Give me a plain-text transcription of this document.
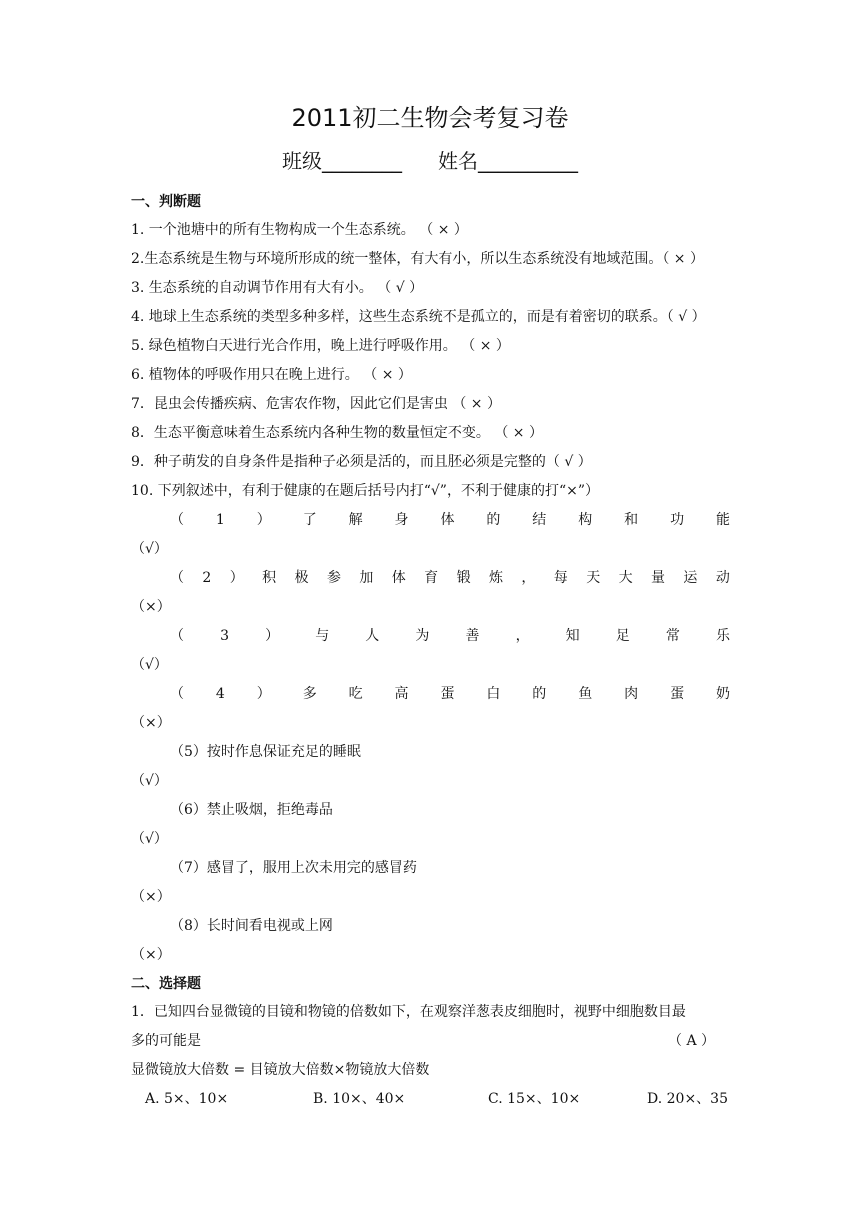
2011初二生物会考复习卷
班级________ 姓名__________
一、判断题
1. 一个池塘中的所有生物构成一个生态系统。 （ × ）
2.生态系统是生物与环境所形成的统一整体，有大有小，所以生态系统没有地域范围。（ × ）
3. 生态系统的自动调节作用有大有小。 （ √ ）
4. 地球上生态系统的类型多种多样，这些生态系统不是孤立的，而是有着密切的联系。（ √ ）
5. 绿色植物白天进行光合作用，晚上进行呼吸作用。 （ × ）
6. 植物体的呼吸作用只在晚上进行。 （ × ）
7．昆虫会传播疾病、危害农作物，因此它们是害虫 （ × ）
8．生态平衡意味着生态系统内各种生物的数量恒定不变。 （ × ）
9．种子萌发的自身条件是指种子必须是活的，而且胚必须是完整的（ √ ）
10. 下列叙述中，有利于健康的在题后括号内打“√”，不利于健康的打“×”）
（ 1 ） 了 解 身 体 的 结 构 和 功 能
（√）
（ 2 ） 积 极 参 加 体 育 锻 炼 ， 每 天 大 量 运 动
（×）
（	3	）	与	人	为	善	，	知	足	常	乐
（√）
（ 4 ） 多 吃 高 蛋 白 的 鱼 肉 蛋 奶
（×）
（5）按时作息保证充足的睡眠
（√）
（6）禁止吸烟，拒绝毒品
（√）
（7）感冒了，服用上次未用完的感冒药
（×）
（8）长时间看电视或上网
（×）
二、选择题
1．已知四台显微镜的目镜和物镜的倍数如下，在观察洋葱表皮细胞时，视野中细胞数目最
多的可能是	（ A ）
显微镜放大倍数 = 目镜放大倍数×物镜放大倍数
A. 5×、10×	B. 10×、40×	C. 15×、10×	D. 20×、35
